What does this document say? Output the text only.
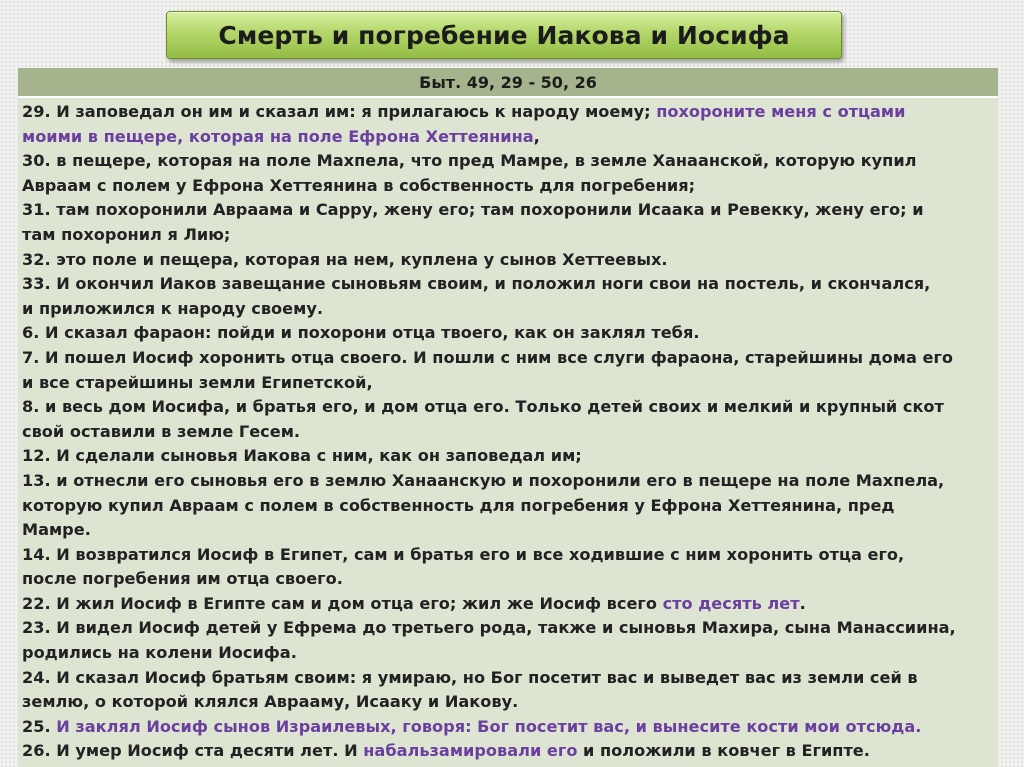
Смерть и погребение Иакова и Иосифа
Быт. 49, 29 - 50, 26
29. И заповедал он им и сказал им: я прилагаюсь к народу моему; похороните меня с отцами
моими в пещере, которая на поле Ефрона Хеттеянина,
30. в пещере, которая на поле Махпела, что пред Мамре, в земле Ханаанской, которую купил
Авраам с полем у Ефрона Хеттеянина в собственность для погребения;
31. там похоронили Авраама и Сарру, жену его; там похоронили Исаака и Ревекку, жену его; и
там похоронил я Лию;
32. это поле и пещера, которая на нем, куплена у сынов Хеттеевых.
33. И окончил Иаков завещание сыновьям своим, и положил ноги свои на постель, и скончался,
и приложился к народу своему.
6. И сказал фараон: пойди и похорони отца твоего, как он заклял тебя.
7. И пошел Иосиф хоронить отца своего. И пошли с ним все слуги фараона, старейшины дома его
и все старейшины земли Египетской,
8. и весь дом Иосифа, и братья его, и дом отца его. Только детей своих и мелкий и крупный скот
свой оставили в земле Гесем.
12. И сделали сыновья Иакова с ним, как он заповедал им;
13. и отнесли его сыновья его в землю Ханаанскую и похоронили его в пещере на поле Махпела,
которую купил Авраам с полем в собственность для погребения у Ефрона Хеттеянина, пред
Мамре.
14. И возвратился Иосиф в Египет, сам и братья его и все ходившие с ним хоронить отца его,
после погребения им отца своего.
22. И жил Иосиф в Египте сам и дом отца его; жил же Иосиф всего сто десять лет.
23. И видел Иосиф детей у Ефрема до третьего рода, также и сыновья Махира, сына Манассиина,
родились на колени Иосифа.
24. И сказал Иосиф братьям своим: я умираю, но Бог посетит вас и выведет вас из земли сей в
землю, о которой клялся Аврааму, Исааку и Иакову.
25. И заклял Иосиф сынов Израилевых, говоря: Бог посетит вас, и вынесите кости мои отсюда.
26. И умер Иосиф ста десяти лет. И набальзамировали его и положили в ковчег в Египте.
